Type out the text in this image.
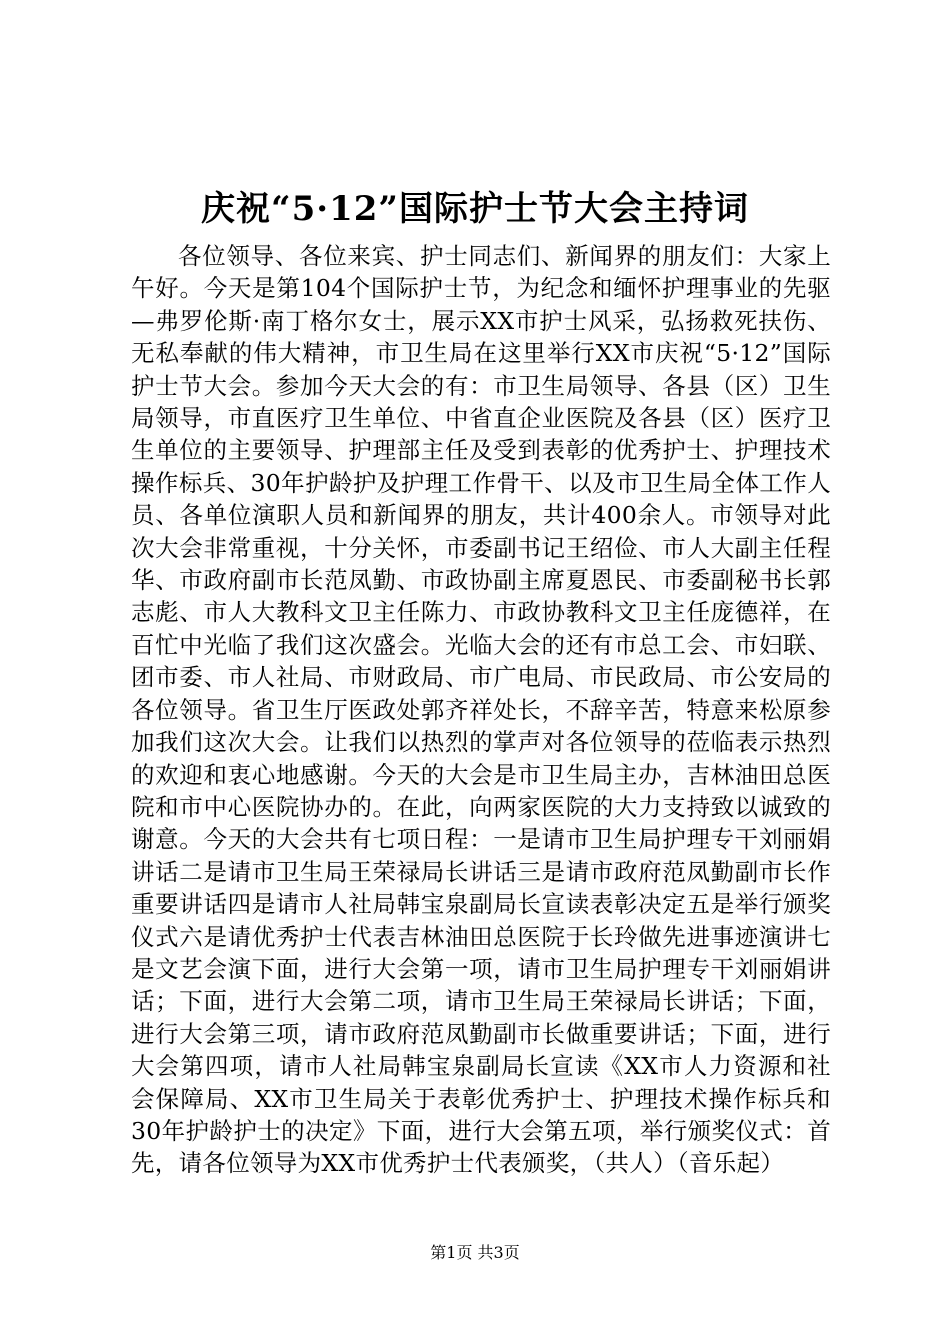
庆祝“5·12”国际护士节大会主持词

各位领导、各位来宾、护士同志们、新闻界的朋友们：大家上午好。今天是第104个国际护士节，为纪念和缅怀护理事业的先驱—弗罗伦斯·南丁格尔女士，展示XX市护士风采，弘扬救死扶伤、无私奉献的伟大精神，市卫生局在这里举行XX市庆祝“5·12”国际护士节大会。参加今天大会的有：市卫生局领导、各县（区）卫生局领导，市直医疗卫生单位、中省直企业医院及各县（区）医疗卫生单位的主要领导、护理部主任及受到表彰的优秀护士、护理技术操作标兵、30年护龄护及护理工作骨干、以及市卫生局全体工作人员、各单位演职人员和新闻界的朋友，共计400余人。市领导对此次大会非常重视，十分关怀，市委副书记王绍俭、市人大副主任程华、市政府副市长范凤勤、市政协副主席夏恩民、市委副秘书长郭志彪、市人大教科文卫主任陈力、市政协教科文卫主任庞德祥，在百忙中光临了我们这次盛会。光临大会的还有市总工会、市妇联、团市委、市人社局、市财政局、市广电局、市民政局、市公安局的各位领导。省卫生厅医政处郭齐祥处长，不辞辛苦，特意来松原参加我们这次大会。让我们以热烈的掌声对各位领导的莅临表示热烈的欢迎和衷心地感谢。今天的大会是市卫生局主办，吉林油田总医院和市中心医院协办的。在此，向两家医院的大力支持致以诚致的谢意。今天的大会共有七项日程：一是请市卫生局护理专干刘丽娟讲话二是请市卫生局王荣禄局长讲话三是请市政府范凤勤副市长作重要讲话四是请市人社局韩宝泉副局长宣读表彰决定五是举行颁奖仪式六是请优秀护士代表吉林油田总医院于长玲做先进事迹演讲七是文艺会演下面，进行大会第一项，请市卫生局护理专干刘丽娟讲话；下面，进行大会第二项，请市卫生局王荣禄局长讲话；下面，进行大会第三项，请市政府范凤勤副市长做重要讲话；下面，进行大会第四项，请市人社局韩宝泉副局长宣读《XX市人力资源和社会保障局、XX市卫生局关于表彰优秀护士、护理技术操作标兵和30年护龄护士的决定》下面，进行大会第五项，举行颁奖仪式：首先，请各位领导为XX市优秀护士代表颁奖，（共人）（音乐起）

第1页 共3页
